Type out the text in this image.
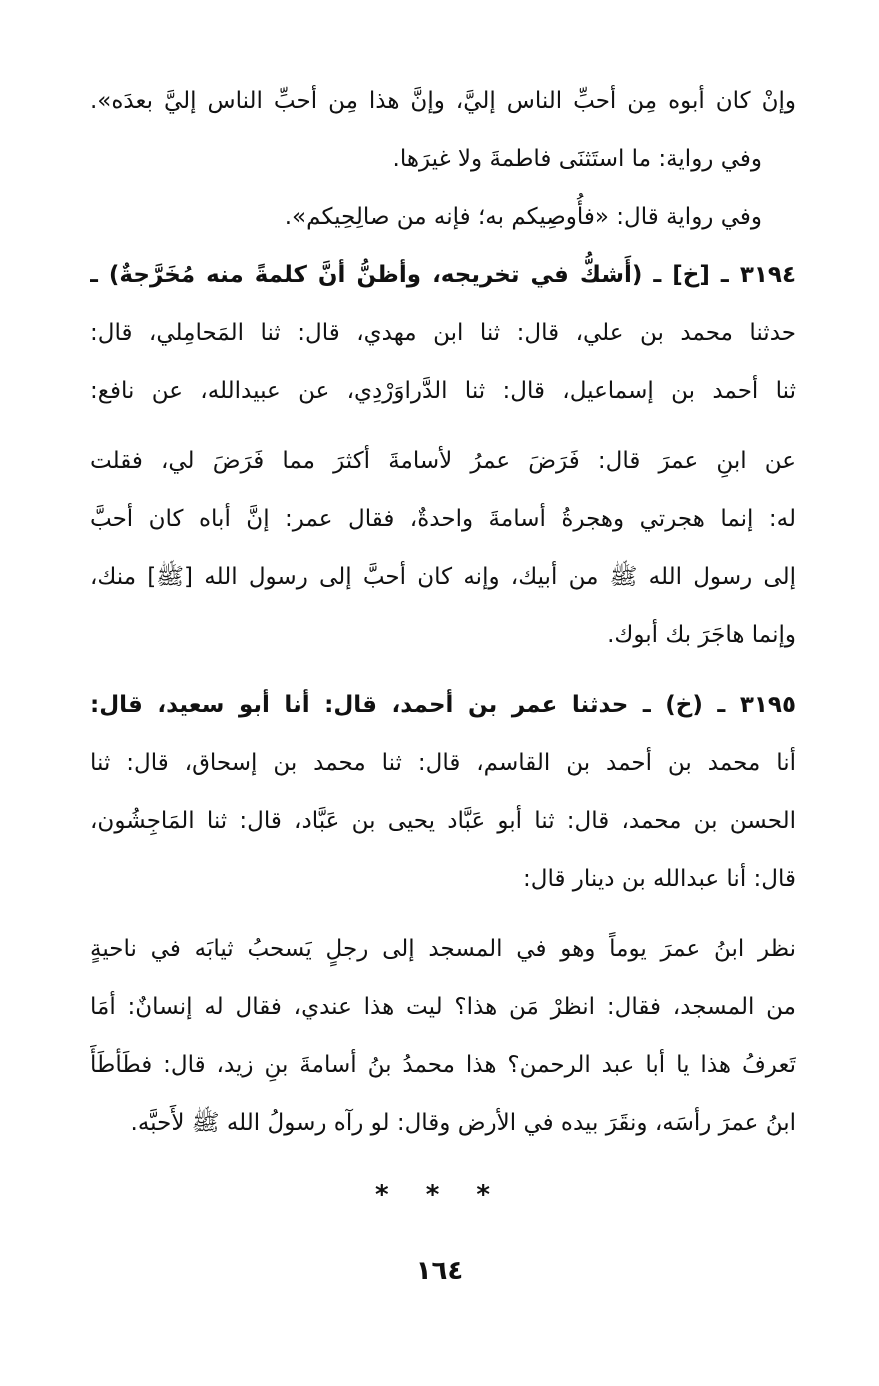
وإنْ كان أبوه مِن أحبِّ الناس إليَّ، وإنَّ هذا مِن أحبِّ الناس إليَّ بعدَه».
وفي رواية: ما استَثنَى فاطمةَ ولا غيرَها.
وفي رواية قال: «فأُوصِيكم به؛ فإنه من صالِحِيكم».
٣١٩٤ ـ [خ] ـ (أَشكُّ في تخريجه، وأظنُّ أنَّ كلمةً منه مُخَرَّجةٌ) ـ
حدثنا محمد بن علي، قال: ثنا ابن مهدي، قال: ثنا المَحامِلي، قال:
ثنا أحمد بن إسماعيل، قال: ثنا الدَّراوَرْدِي، عن عبيدالله، عن نافع:
عن ابنِ عمرَ قال: فَرَضَ عمرُ لأسامةَ أكثرَ مما فَرَضَ لي، فقلت
له: إنما هجرتي وهجرةُ أسامةَ واحدةٌ، فقال عمر: إنَّ أباه كان أحبَّ
إلى رسول الله ﷺ من أبيك، وإنه كان أحبَّ إلى رسول الله [ﷺ] منك،
وإنما هاجَرَ بك أبوك.
٣١٩٥ ـ (خ) ـ حدثنا عمر بن أحمد، قال: أنا أبو سعيد، قال:
أنا محمد بن أحمد بن القاسم، قال: ثنا محمد بن إسحاق، قال: ثنا
الحسن بن محمد، قال: ثنا أبو عَبَّاد يحيى بن عَبَّاد، قال: ثنا المَاجِشُون،
قال: أنا عبدالله بن دينار قال:
نظر ابنُ عمرَ يوماً وهو في المسجد إلى رجلٍ يَسحبُ ثيابَه في ناحيةٍ
من المسجد، فقال: انظرْ مَن هذا؟ ليت هذا عندي، فقال له إنسانٌ: أمَا
تَعرفُ هذا يا أبا عبد الرحمن؟ هذا محمدُ بنُ أسامةَ بنِ زيد، قال: فطَأطَأَ
ابنُ عمرَ رأسَه، ونقَرَ بيده في الأرض وقال: لو رآه رسولُ الله ﷺ لأَحبَّه.
* * *
١٦٤
